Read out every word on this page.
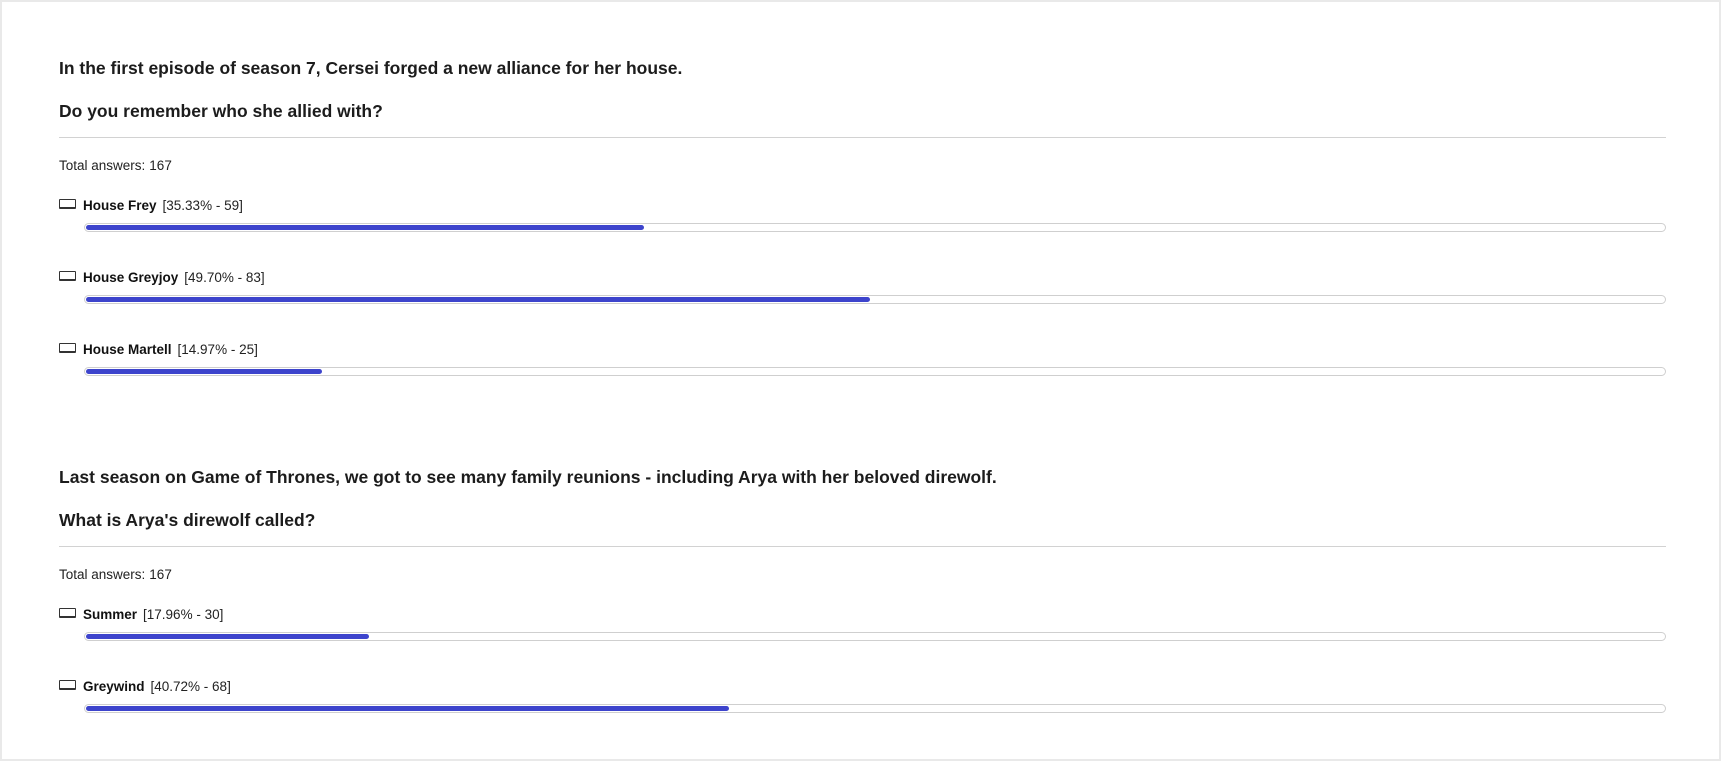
In the first episode of season 7, Cersei forged a new alliance for her house.

Do you remember who she allied with?

Total answers: 167
House Frey [35.33% - 59]
House Greyjoy [49.70% - 83]
House Martell [14.97% - 25]

Last season on Game of Thrones, we got to see many family reunions - including Arya with her beloved direwolf.

What is Arya's direwolf called?

Total answers: 167
Summer [17.96% - 30]
Greywind [40.72% - 68]
